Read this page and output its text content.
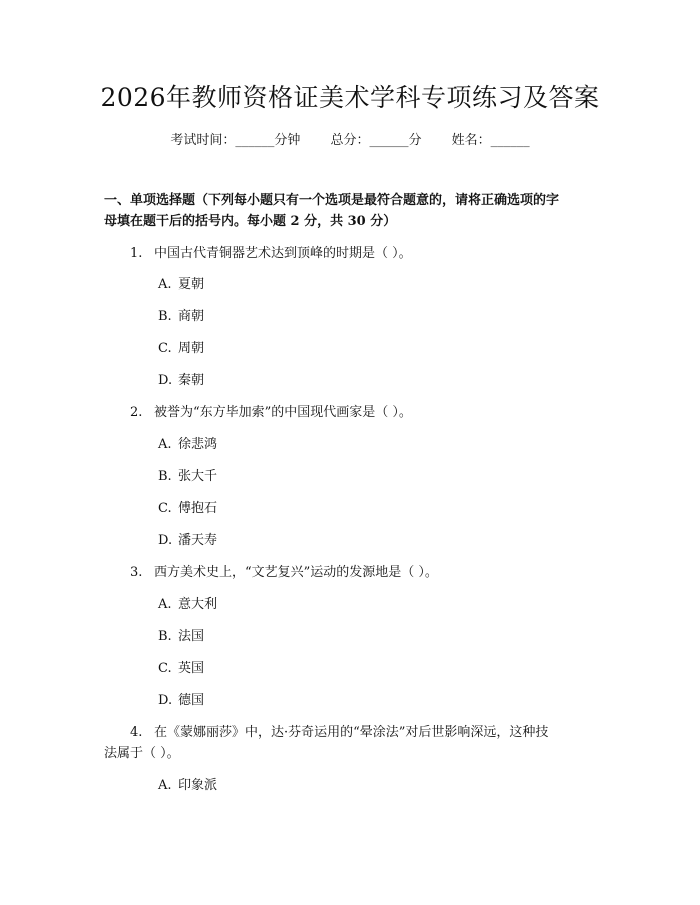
2026年教师资格证美术学科专项练习及答案
考试时间：______分钟 总分：______分 姓名：______
一、单项选择题（下列每小题只有一个选项是最符合题意的，请将正确选项的字
母填在题干后的括号内。每小题 2 分，共 30 分）
1. 中国古代青铜器艺术达到顶峰的时期是（ ）。
A. 夏朝
B. 商朝
C. 周朝
D. 秦朝
2. 被誉为“东方毕加索”的中国现代画家是（ ）。
A. 徐悲鸿
B. 张大千
C. 傅抱石
D. 潘天寿
3. 西方美术史上，“文艺复兴”运动的发源地是（ ）。
A. 意大利
B. 法国
C. 英国
D. 德国
4. 在《蒙娜丽莎》中，达·芬奇运用的“晕涂法”对后世影响深远，这种技
法属于（ ）。
A. 印象派
